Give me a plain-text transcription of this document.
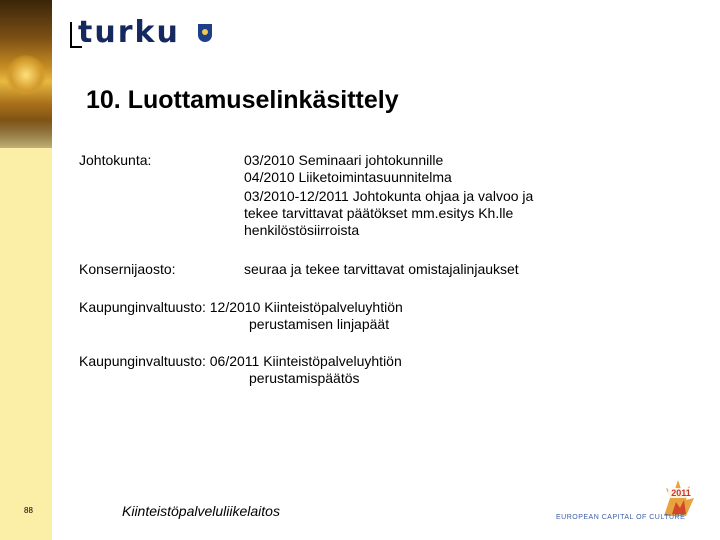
turku
10. Luottamuselinkäsittely
Johtokunta:	03/2010 Seminaari johtokunnille
04/2010 Liiketoimintasuunnitelma
03/2010-12/2011 Johtokunta ohjaa ja valvoo ja
tekee tarvittavat päätökset mm.esitys Kh.lle
henkilöstösiirroista
Konsernijaosto:	seuraa ja tekee tarvittavat omistajalinjaukset
Kaupunginvaltuusto: 12/2010 Kiinteistöpalveluyhtiön
perustamisen linjapäät
Kaupunginvaltuusto: 06/2011 Kiinteistöpalveluyhtiön
perustamispäätös
88	Kiinteistöpalveluliikelaitos
2011
EUROPEAN CAPITAL OF CULTURE
